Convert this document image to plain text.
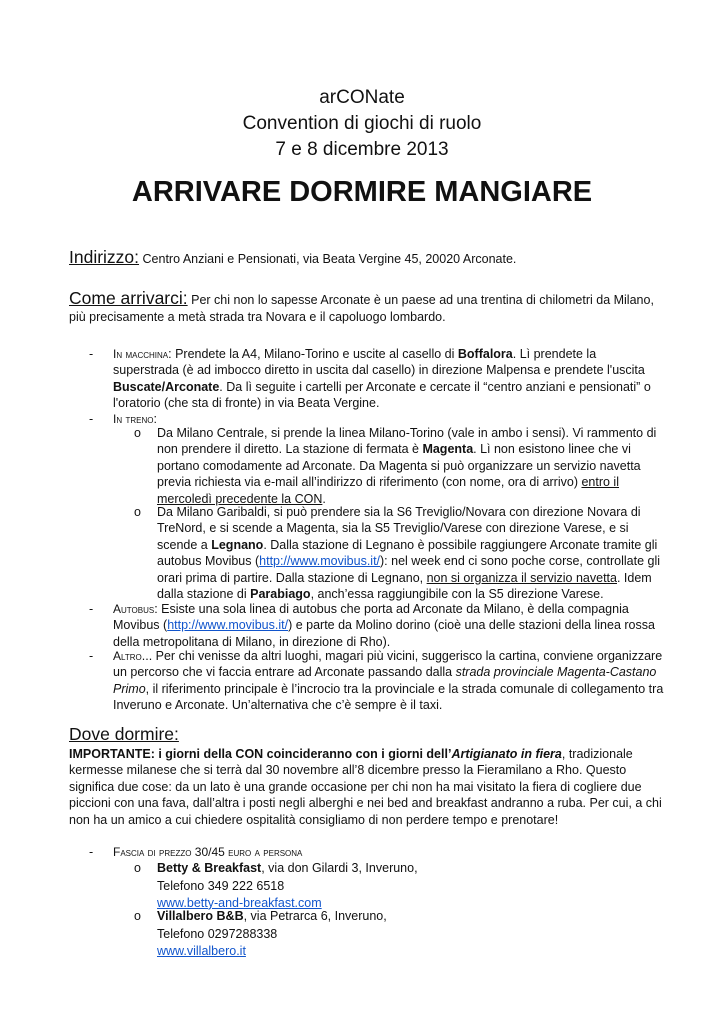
arCONate
Convention di giochi di ruolo
7 e 8 dicembre 2013
ARRIVARE DORMIRE MANGIARE
Indirizzo: Centro Anziani e Pensionati, via Beata Vergine 45, 20020 Arconate.
Come arrivarci: Per chi non lo sapesse Arconate è un paese ad una trentina di chilometri da Milano,
più precisamente a metà strada tra Novara e il capoluogo lombardo.
- In macchina: Prendete la A4, Milano-Torino e uscite al casello di Boffalora. Lì prendete la
superstrada (è ad imbocco diretto in uscita dal casello) in direzione Malpensa e prendete l'uscita
Buscate/Arconate. Da lì seguite i cartelli per Arconate e cercate il “centro anziani e pensionati” o
l'oratorio (che sta di fronte) in via Beata Vergine.
- In treno:
o Da Milano Centrale, si prende la linea Milano-Torino (vale in ambo i sensi). Vi rammento di
non prendere il diretto. La stazione di fermata è Magenta. Lì non esistono linee che vi
portano comodamente ad Arconate. Da Magenta si può organizzare un servizio navetta
previa richiesta via e-mail all’indirizzo di riferimento (con nome, ora di arrivo) entro il
mercoledì precedente la CON.
o Da Milano Garibaldi, si può prendere sia la S6 Treviglio/Novara con direzione Novara di
TreNord, e si scende a Magenta, sia la S5 Treviglio/Varese con direzione Varese, e si
scende a Legnano. Dalla stazione di Legnano è possibile raggiungere Arconate tramite gli
autobus Movibus (http://www.movibus.it/): nel week end ci sono poche corse, controllate gli
orari prima di partire. Dalla stazione di Legnano, non si organizza il servizio navetta. Idem
dalla stazione di Parabiago, anch’essa raggiungibile con la S5 direzione Varese.
- Autobus: Esiste una sola linea di autobus che porta ad Arconate da Milano, è della compagnia
Movibus (http://www.movibus.it/) e parte da Molino dorino (cioè una delle stazioni della linea rossa
della metropolitana di Milano, in direzione di Rho).
- Altro... Per chi venisse da altri luoghi, magari più vicini, suggerisco la cartina, conviene organizzare
un percorso che vi faccia entrare ad Arconate passando dalla strada provinciale Magenta-Castano
Primo, il riferimento principale è l’incrocio tra la provinciale e la strada comunale di collegamento tra
Inveruno e Arconate. Un’alternativa che c’è sempre è il taxi.
Dove dormire:
IMPORTANTE: i giorni della CON coincideranno con i giorni dell’Artigianato in fiera, tradizionale
kermesse milanese che si terrà dal 30 novembre all’8 dicembre presso la Fieramilano a Rho. Questo
significa due cose: da un lato è una grande occasione per chi non ha mai visitato la fiera di cogliere due
piccioni con una fava, dall’altra i posti negli alberghi e nei bed and breakfast andranno a ruba. Per cui, a chi
non ha un amico a cui chiedere ospitalità consigliamo di non perdere tempo e prenotare!
- Fascia di prezzo 30/45 euro a persona
o Betty & Breakfast, via don Gilardi 3, Inveruno,
Telefono 349 222 6518
www.betty-and-breakfast.com
o Villalbero B&B, via Petrarca 6, Inveruno,
Telefono 0297288338
www.villalbero.it
